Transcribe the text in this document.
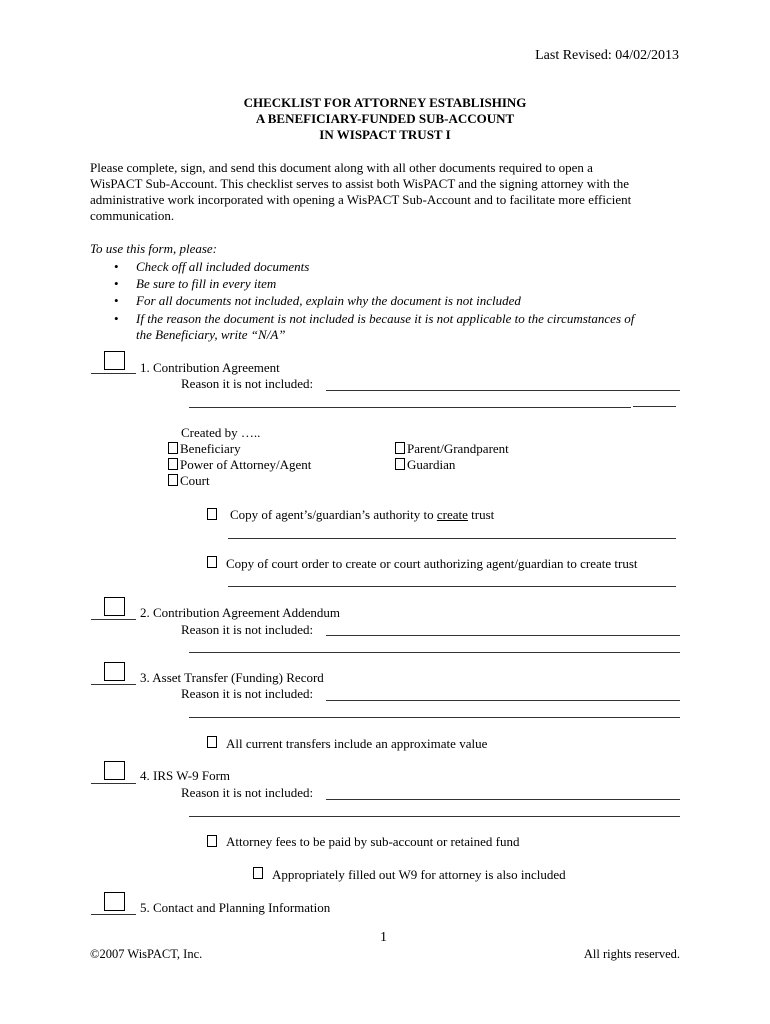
Last Revised: 04/02/2013
CHECKLIST FOR ATTORNEY ESTABLISHING
A BENEFICIARY-FUNDED SUB-ACCOUNT
IN WISPACT TRUST I
Please complete, sign, and send this document along with all other documents required to open a
WisPACT Sub-Account. This checklist serves to assist both WisPACT and the signing attorney with the
administrative work incorporated with opening a WisPACT Sub-Account and to facilitate more efficient
communication.
To use this form, please:
• Check off all included documents
• Be sure to fill in every item
• For all documents not included, explain why the document is not included
• If the reason the document is not included is because it is not applicable to the circumstances of
the Beneficiary, write “N/A”
1. Contribution Agreement
Reason it is not included:
Created by …..
Beneficiary
Power of Attorney/Agent
Court
Parent/Grandparent
Guardian
Copy of agent’s/guardian’s authority to create trust
Copy of court order to create or court authorizing agent/guardian to create trust
2. Contribution Agreement Addendum
Reason it is not included:
3. Asset Transfer (Funding) Record
Reason it is not included:
All current transfers include an approximate value
4. IRS W-9 Form
Reason it is not included:
Attorney fees to be paid by sub-account or retained fund
Appropriately filled out W9 for attorney is also included
5. Contact and Planning Information
1
©2007 WisPACT, Inc.	All rights reserved.
